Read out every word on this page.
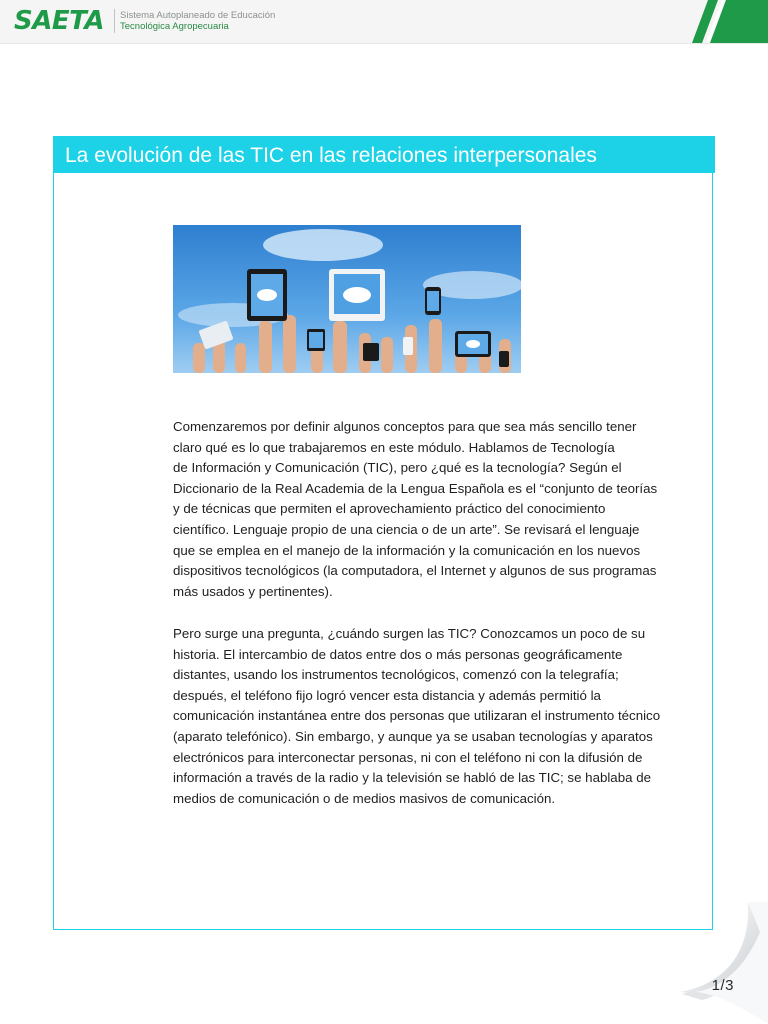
SAETA Sistema Autoplaneado de Educación
Tecnológica Agropecuaria
La evolución de las TIC en las relaciones interpersonales
Comenzaremos por definir algunos conceptos para que sea más sencillo tener
claro qué es lo que trabajaremos en este módulo. Hablamos de Tecnología
de Información y Comunicación (TIC), pero ¿qué es la tecnología? Según el
Diccionario de la Real Academia de la Lengua Española es el “conjunto de teorías
y de técnicas que permiten el aprovechamiento práctico del conocimiento
científico. Lenguaje propio de una ciencia o de un arte”. Se revisará el lenguaje
que se emplea en el manejo de la información y la comunicación en los nuevos
dispositivos tecnológicos (la computadora, el Internet y algunos de sus programas
más usados y pertinentes).
Pero surge una pregunta, ¿cuándo surgen las TIC? Conozcamos un poco de su
historia. El intercambio de datos entre dos o más personas geográficamente
distantes, usando los instrumentos tecnológicos, comenzó con la telegrafía;
después, el teléfono fijo logró vencer esta distancia y además permitió la
comunicación instantánea entre dos personas que utilizaran el instrumento técnico
(aparato telefónico). Sin embargo, y aunque ya se usaban tecnologías y aparatos
electrónicos para interconectar personas, ni con el teléfono ni con la difusión de
información a través de la radio y la televisión se habló de las TIC; se hablaba de
medios de comunicación o de medios masivos de comunicación.
1/3
